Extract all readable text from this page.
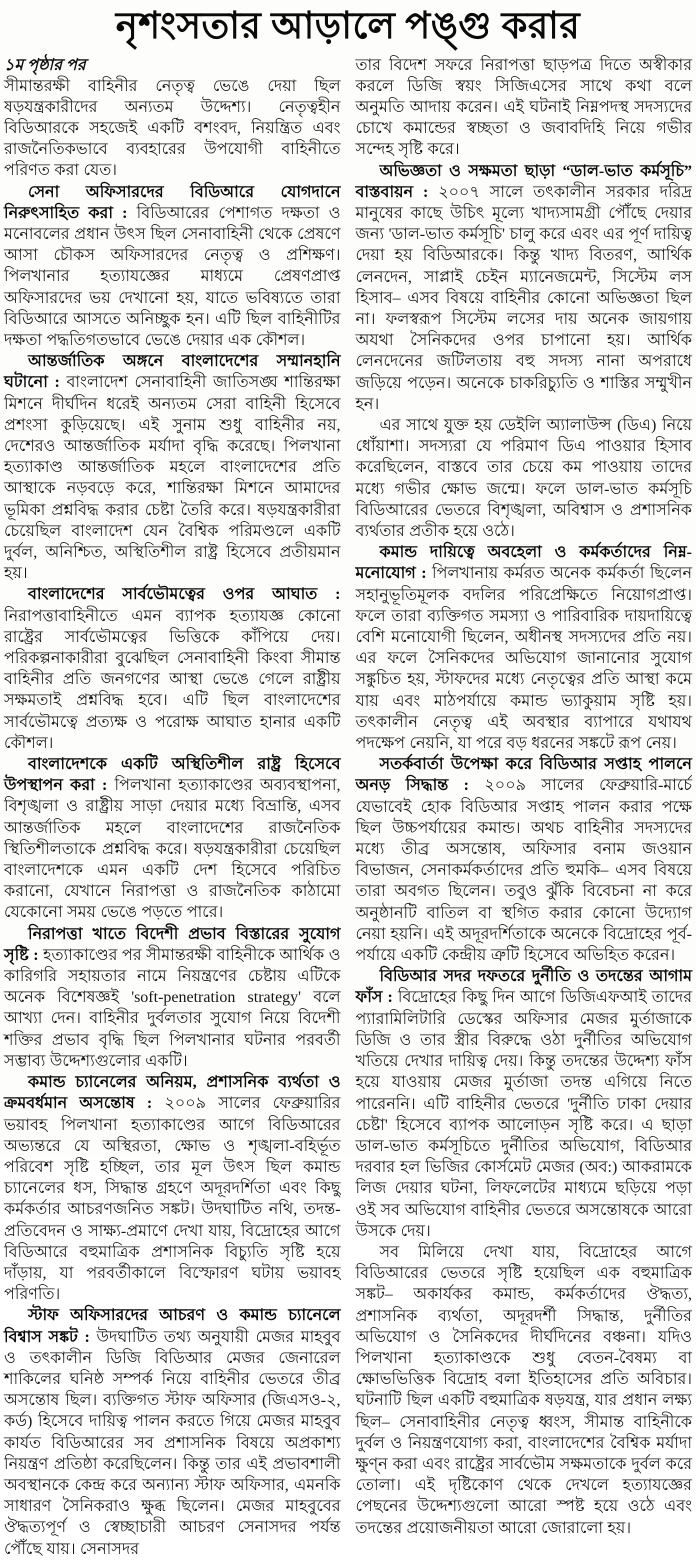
নৃশংসতার আড়ালে পঙ্গু করার

১ম পৃষ্ঠার পর

সীমান্তরক্ষী বাহিনীর নেতৃত্ব ভেঙে দেয়া ছিল ষড়যন্ত্রকারীদের অন্যতম উদ্দেশ্য। নেতৃত্বহীন বিডিআরকে সহজেই একটি বশংবদ, নিয়ন্ত্রিত এবং রাজনৈতিকভাবে ব্যবহারের উপযোগী বাহিনীতে পরিণত করা যেত।

সেনা অফিসারদের বিডিআরে যোগদানে নিরুৎসাহিত করা : বিডিআরের পেশাগত দক্ষতা ও মনোবলের প্রধান উৎস ছিল সেনাবাহিনী থেকে প্রেষণে আসা চৌকস অফিসারদের নেতৃত্ব ও প্রশিক্ষণ। পিলখানার হত্যাযজ্ঞের মাধ্যমে প্রেষণপ্রাপ্ত অফিসারদের ভয় দেখানো হয়, যাতে ভবিষ্যতে তারা বিডিআরে আসতে অনিচ্ছুক হন। এটি ছিল বাহিনীটির দক্ষতা পদ্ধতিগতভাবে ভেঙে দেয়ার এক কৌশল।

আন্তর্জাতিক অঙ্গনে বাংলাদেশের সম্মানহানি ঘটানো : বাংলাদেশ সেনাবাহিনী জাতিসঙ্ঘ শান্তিরক্ষা মিশনে দীর্ঘদিন ধরেই অন্যতম সেরা বাহিনী হিসেবে প্রশংসা কুড়িয়েছে। এই সুনাম শুধু বাহিনীর নয়, দেশেরও আন্তর্জাতিক মর্যাদা বৃদ্ধি করেছে। পিলখানা হত্যাকাণ্ড আন্তর্জাতিক মহলে বাংলাদেশের প্রতি আস্থাকে নড়বড়ে করে, শান্তিরক্ষা মিশনে আমাদের ভূমিকা প্রশ্নবিদ্ধ করার চেষ্টা তৈরি করে। ষড়যন্ত্রকারীরা চেয়েছিল বাংলাদেশ যেন বৈশ্বিক পরিমণ্ডলে একটি দুর্বল, অনিশ্চিত, অস্থিতিশীল রাষ্ট্র হিসেবে প্রতীয়মান হয়।

বাংলাদেশের সার্বভৌমত্বের ওপর আঘাত : নিরাপত্তাবাহিনীতে এমন ব্যাপক হত্যাযজ্ঞ কোনো রাষ্ট্রের সার্বভৌমত্বের ভিত্তিকে কাঁপিয়ে দেয়। পরিকল্পনাকারীরা বুঝেছিল সেনাবাহিনী কিংবা সীমান্ত বাহিনীর প্রতি জনগণের আস্থা ভেঙে গেলে রাষ্ট্রীয় সক্ষমতাই প্রশ্নবিদ্ধ হবে। এটি ছিল বাংলাদেশের সার্বভৌমত্বে প্রত্যক্ষ ও পরোক্ষ আঘাত হানার একটি কৌশল।

বাংলাদেশকে একটি অস্থিতিশীল রাষ্ট্র হিসেবে উপস্থাপন করা : পিলখানা হত্যাকাণ্ডের অব্যবস্থাপনা, বিশৃঙ্খলা ও রাষ্ট্রীয় সাড়া দেয়ার মধ্যে বিভ্রান্তি, এসব আন্তর্জাতিক মহলে বাংলাদেশের রাজনৈতিক স্থিতিশীলতাকে প্রশ্নবিদ্ধ করে। ষড়যন্ত্রকারীরা চেয়েছিল বাংলাদেশকে এমন একটি দেশ হিসেবে পরিচিত করানো, যেখানে নিরাপত্তা ও রাজনৈতিক কাঠামো যেকোনো সময় ভেঙে পড়তে পারে।

নিরাপত্তা খাতে বিদেশী প্রভাব বিস্তারের সুযোগ সৃষ্টি : হত্যাকাণ্ডের পর সীমান্তরক্ষী বাহিনীকে আর্থিক ও কারিগরি সহায়তার নামে নিয়ন্ত্রণের চেষ্টায় এটিকে অনেক বিশেষজ্ঞই 'soft-penetration strategy' বলে আখ্যা দেন। বাহিনীর দুর্বলতার সুযোগ নিয়ে বিদেশী শক্তির প্রভাব বৃদ্ধি ছিল পিলখানার ঘটনার পরবর্তী সম্ভাব্য উদ্দেশ্যগুলোর একটি।

কমান্ড চ্যানেলের অনিয়ম, প্রশাসনিক ব্যর্থতা ও ক্রমবর্ধমান অসন্তোষ : ২০০৯ সালের ফেব্রুয়ারির ভয়াবহ পিলখানা হত্যাকাণ্ডের আগে বিডিআরের অভ্যন্তরে যে অস্থিরতা, ক্ষোভ ও শৃঙ্খলা-বহির্ভূত পরিবেশ সৃষ্টি হচ্ছিল, তার মূল উৎস ছিল কমান্ড চ্যানেলের ধস, সিদ্ধান্ত গ্রহণে অদূরদর্শিতা এবং কিছু কর্মকর্তার আচরণজনিত সঙ্কট। উদঘাটিত নথি, তদন্ত-প্রতিবেদন ও সাক্ষ্য-প্রমাণে দেখা যায়, বিদ্রোহের আগে বিডিআরে বহুমাত্রিক প্রশাসনিক বিচ্যুতি সৃষ্টি হয়ে দাঁড়ায়, যা পরবর্তীকালে বিস্ফোরণ ঘটায় ভয়াবহ পরিণতি।

স্টাফ অফিসারদের আচরণ ও কমান্ড চ্যানেলে বিশ্বাস সঙ্কট : উদঘাটিত তথ্য অনুযায়ী মেজর মাহবুব ও তৎকালীন ডিজি বিডিআর মেজর জেনারেল শাকিলের ঘনিষ্ঠ সম্পর্ক নিয়ে বাহিনীর ভেতরে তীব্র অসন্তোষ ছিল। ব্যক্তিগত স্টাফ অফিসার (জিএসও-২, কর্ড) হিসেবে দায়িত্ব পালন করতে গিয়ে মেজর মাহবুব কার্যত বিডিআরের সব প্রশাসনিক বিষয়ে অপ্রকাশ্য নিয়ন্ত্রণ প্রতিষ্ঠা করেছিলেন। কিন্তু তার এই প্রভাবশালী অবস্থানকে কেন্দ্র করে অন্যান্য স্টাফ অফিসার, এমনকি সাধারণ সৈনিকরাও ক্ষুব্ধ ছিলেন। মেজর মাহবুবের ঔদ্ধত্যপূর্ণ ও স্বেচ্ছাচারী আচরণ সেনাসদর পর্যন্ত পৌঁছে যায়। সেনাসদর

তার বিদেশ সফরে নিরাপত্তা ছাড়পত্র দিতে অস্বীকার করলে ডিজি স্বয়ং সিজিএসের সাথে কথা বলে অনুমতি আদায় করেন। এই ঘটনাই নিম্নপদস্থ সদস্যদের চোখে কমান্ডের স্বচ্ছতা ও জবাবদিহি নিয়ে গভীর সন্দেহ সৃষ্টি করে।

অভিজ্ঞতা ও সক্ষমতা ছাড়া “ডাল-ভাত কর্মসূচি” বাস্তবায়ন : ২০০৭ সালে তৎকালীন সরকার দরিদ্র মানুষের কাছে উচিৎ মূল্যে খাদ্যসামগ্রী পৌঁছে দেয়ার জন্য 'ডাল-ভাত কর্মসূচি' চালু করে এবং এর পূর্ণ দায়িত্ব দেয়া হয় বিডিআরকে। কিন্তু খাদ্য বিতরণ, আর্থিক লেনদেন, সাপ্লাই চেইন ম্যানেজমেন্ট, সিস্টেম লস হিসাব– এসব বিষয়ে বাহিনীর কোনো অভিজ্ঞতা ছিল না। ফলস্বরূপ সিস্টেম লসের দায় অনেক জায়গায় অযথা সৈনিকদের ওপর চাপানো হয়। আর্থিক লেনদেনের জটিলতায় বহু সদস্য নানা অপরাধে জড়িয়ে পড়েন। অনেকে চাকরিচ্যুতি ও শাস্তির সম্মুখীন হন।

এর সাথে যুক্ত হয় ডেইলি অ্যালাউন্স (ডিএ) নিয়ে ধোঁয়াশা। সদস্যরা যে পরিমাণ ডিএ পাওয়ার হিসাব করেছিলেন, বাস্তবে তার চেয়ে কম পাওয়ায় তাদের মধ্যে গভীর ক্ষোভ জন্মে। ফলে ডাল-ভাত কর্মসূচি বিডিআরের ভেতরে বিশৃঙ্খলা, অবিশ্বাস ও প্রশাসনিক ব্যর্থতার প্রতীক হয়ে ওঠে।

কমান্ড দায়িত্বে অবহেলা ও কর্মকর্তাদের নিম্ন-মনোযোগ : পিলখানায় কর্মরত অনেক কর্মকর্তা ছিলেন সহানুভূতিমূলক বদলির পরিপ্রেক্ষিতে নিয়োগপ্রাপ্ত। ফলে তারা ব্যক্তিগত সমস্যা ও পারিবারিক দায়দায়িত্বে বেশি মনোযোগী ছিলেন, অধীনস্থ সদস্যদের প্রতি নয়। এর ফলে সৈনিকদের অভিযোগ জানানোর সুযোগ সঙ্কুচিত হয়, স্টাফদের মধ্যে নেতৃত্বের প্রতি আস্থা কমে যায় এবং মাঠপর্যায়ে কমান্ড ভ্যাকুয়াম সৃষ্টি হয়। তৎকালীন নেতৃত্ব এই অবস্থার ব্যাপারে যথাযথ পদক্ষেপ নেয়নি, যা পরে বড় ধরনের সঙ্কটে রূপ নেয়।

সতর্কবার্তা উপেক্ষা করে বিডিআর সপ্তাহ পালনে অনড় সিদ্ধান্ত : ২০০৯ সালের ফেব্রুয়ারি-মার্চে যেভাবেই হোক বিডিআর সপ্তাহ পালন করার পক্ষে ছিল উচ্চপর্যায়ের কমান্ড। অথচ বাহিনীর সদস্যদের মধ্যে তীব্র অসন্তোষ, অফিসার বনাম জওয়ান বিভাজন, সেনাকর্মকর্তাদের প্রতি হুমকি– এসব বিষয়ে তারা অবগত ছিলেন। তবুও ঝুঁকি বিবেচনা না করে অনুষ্ঠানটি বাতিল বা স্থগিত করার কোনো উদ্যোগ নেয়া হয়নি। এই অদূরদর্শিতাকে অনেকে বিদ্রোহের পূর্ব-পর্যায়ে একটি কেন্দ্রীয় ত্রুটি হিসেবে অভিহিত করেন।

বিডিআর সদর দফতরে দুর্নীতি ও তদন্তের আগাম ফাঁস : বিদ্রোহের কিছু দিন আগে ডিজিএফআই তাদের প্যারামিলিটারি ডেস্কের অফিসার মেজর মুর্তাজাকে ডিজি ও তার স্ত্রীর বিরুদ্ধে ওঠা দুর্নীতির অভিযোগ খতিয়ে দেখার দায়িত্ব দেয়। কিন্তু তদন্তের উদ্দেশ্য ফাঁস হয়ে যাওয়ায় মেজর মুর্তাজা তদন্ত এগিয়ে নিতে পারেননি। এটি বাহিনীর ভেতরে 'দুর্নীতি ঢাকা দেয়ার চেষ্টা' হিসেবে ব্যাপক আলোড়ন সৃষ্টি করে। এ ছাড়া ডাল-ভাত কর্মসূচিতে দুর্নীতির অভিযোগ, বিডিআর দরবার হল ভিজির কোর্সমেট মেজর (অব:) আকরামকে লিজ দেয়ার ঘটনা, লিফলেটের মাধ্যমে ছড়িয়ে পড়া ওই সব অভিযোগ বাহিনীর ভেতরে অসন্তোষকে আরো উসকে দেয়।

সব মিলিয়ে দেখা যায়, বিদ্রোহের আগে বিডিআরের ভেতরে সৃষ্টি হয়েছিল এক বহুমাত্রিক সঙ্কট– অকার্যকর কমান্ড, কর্মকর্তাদের ঔদ্ধত্য, প্রশাসনিক ব্যর্থতা, অদূরদর্শী সিদ্ধান্ত, দুর্নীতির অভিযোগ ও সৈনিকদের দীর্ঘদিনের বঞ্চনা। যদিও পিলখানা হত্যাকাণ্ডকে শুধু বেতন-বৈষম্য বা ক্ষোভভিত্তিক বিদ্রোহ বলা ইতিহাসের প্রতি অবিচার। ঘটনাটি ছিল একটি বহুমাত্রিক ষড়যন্ত্র, যার প্রধান লক্ষ্য ছিল– সেনাবাহিনীর নেতৃত্ব ধ্বংস, সীমান্ত বাহিনীকে দুর্বল ও নিয়ন্ত্রণযোগ্য করা, বাংলাদেশের বৈশ্বিক মর্যাদা ক্ষুণ্ন করা এবং রাষ্ট্রের সার্বভৌম সক্ষমতাকে দুর্বল করে তোলা। এই দৃষ্টিকোণ থেকে দেখলে হত্যাযজ্ঞের পেছনের উদ্দেশ্যগুলো আরো স্পষ্ট হয়ে ওঠে এবং তদন্তের প্রয়োজনীয়তা আরো জোরালো হয়।
